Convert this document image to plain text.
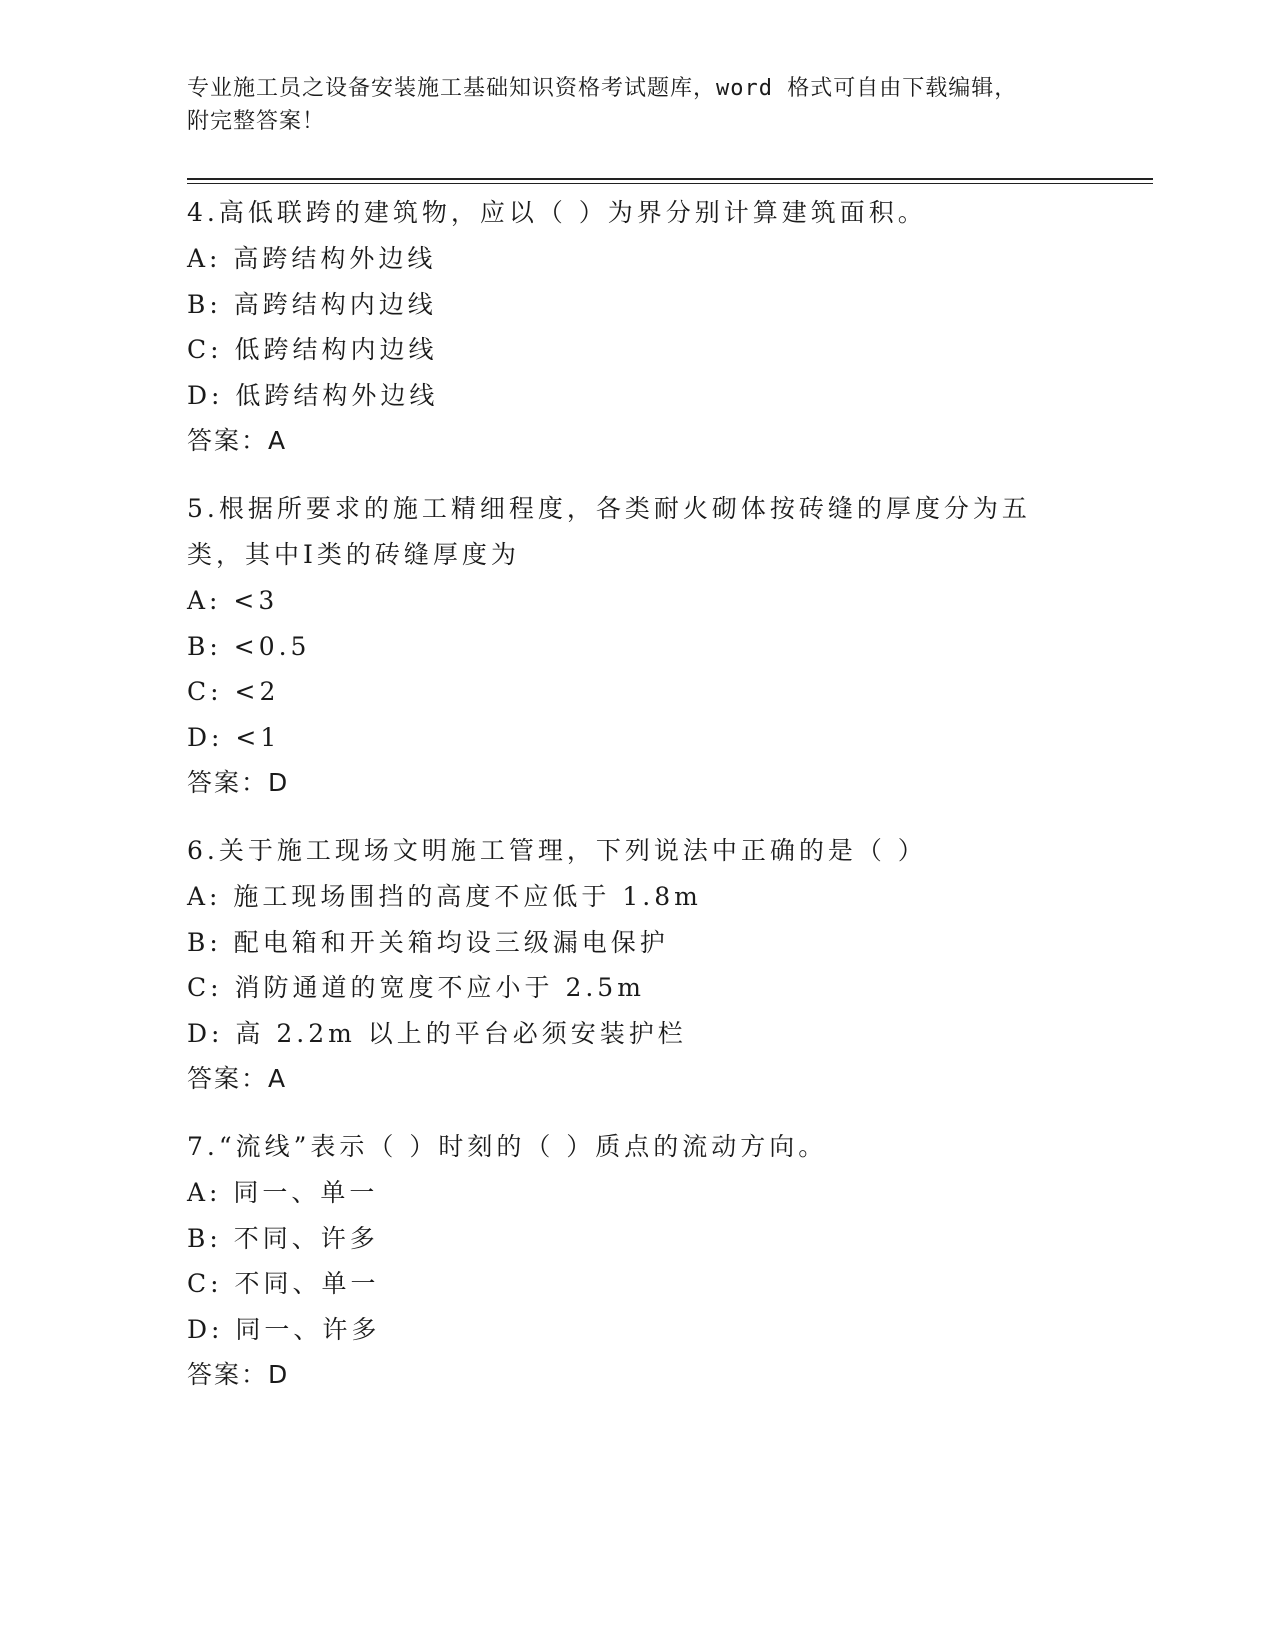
专业施工员之设备安装施工基础知识资格考试题库，word 格式可自由下载编辑，
附完整答案！
4.高低联跨的建筑物，应以（ ）为界分别计算建筑面积。
A: 高跨结构外边线
B: 高跨结构内边线
C: 低跨结构内边线
D: 低跨结构外边线
答案：A
5.根据所要求的施工精细程度，各类耐火砌体按砖缝的厚度分为五类，其中Ⅰ类的砖缝厚度为
A: <3
B: <0.5
C: <2
D: <1
答案：D
6.关于施工现场文明施工管理，下列说法中正确的是（ ）
A: 施工现场围挡的高度不应低于 1.8m
B: 配电箱和开关箱均设三级漏电保护
C: 消防通道的宽度不应小于 2.5m
D: 高 2.2m 以上的平台必须安装护栏
答案：A
7.“流线”表示（ ）时刻的（ ）质点的流动方向。
A: 同一、单一
B: 不同、许多
C: 不同、单一
D: 同一、许多
答案：D
